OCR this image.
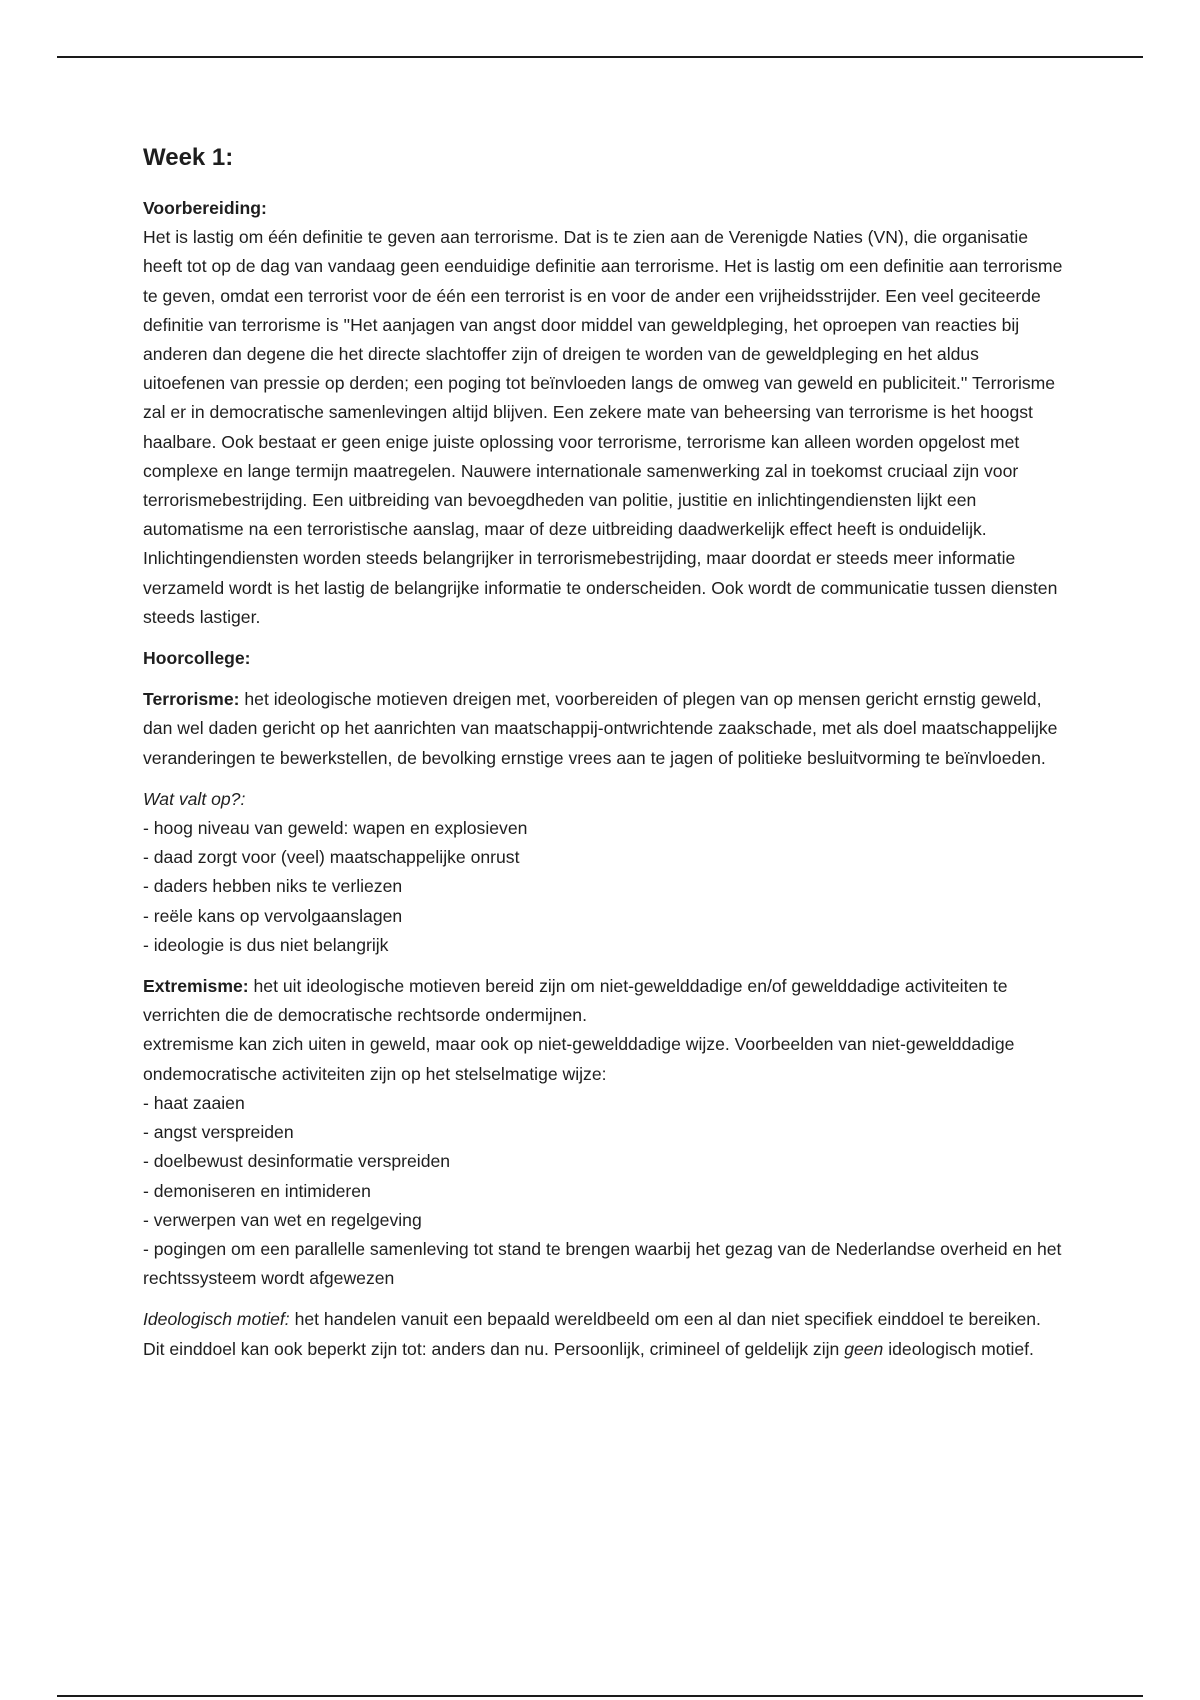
Week 1:

Voorbereiding:

Het is lastig om één definitie te geven aan terrorisme. Dat is te zien aan de Verenigde Naties (VN), die organisatie heeft tot op de dag van vandaag geen eenduidige definitie aan terrorisme. Het is lastig om een definitie aan terrorisme te geven, omdat een terrorist voor de één een terrorist is en voor de ander een vrijheidsstrijder. Een veel geciteerde definitie van terrorisme is ''Het aanjagen van angst door middel van geweldpleging, het oproepen van reacties bij anderen dan degene die het directe slachtoffer zijn of dreigen te worden van de geweldpleging en het aldus uitoefenen van pressie op derden; een poging tot beïnvloeden langs de omweg van geweld en publiciteit.'' Terrorisme zal er in democratische samenlevingen altijd blijven. Een zekere mate van beheersing van terrorisme is het hoogst haalbare. Ook bestaat er geen enige juiste oplossing voor terrorisme, terrorisme kan alleen worden opgelost met complexe en lange termijn maatregelen. Nauwere internationale samenwerking zal in toekomst cruciaal zijn voor terrorismebestrijding. Een uitbreiding van bevoegdheden van politie, justitie en inlichtingendiensten lijkt een automatisme na een terroristische aanslag, maar of deze uitbreiding daadwerkelijk effect heeft is onduidelijk. Inlichtingendiensten worden steeds belangrijker in terrorismebestrijding, maar doordat er steeds meer informatie verzameld wordt is het lastig de belangrijke informatie te onderscheiden. Ook wordt de communicatie tussen diensten steeds lastiger.

Hoorcollege:

Terrorisme: het ideologische motieven dreigen met, voorbereiden of plegen van op mensen gericht ernstig geweld, dan wel daden gericht op het aanrichten van maatschappij-ontwrichtende zaakschade, met als doel maatschappelijke veranderingen te bewerkstellen, de bevolking ernstige vrees aan te jagen of politieke besluitvorming te beïnvloeden.

Wat valt op?:

- hoog niveau van geweld: wapen en explosieven
- daad zorgt voor (veel) maatschappelijke onrust
- daders hebben niks te verliezen
- reële kans op vervolgaanslagen
- ideologie is dus niet belangrijk

Extremisme: het uit ideologische motieven bereid zijn om niet-gewelddadige en/of gewelddadige activiteiten te verrichten die de democratische rechtsorde ondermijnen.

extremisme kan zich uiten in geweld, maar ook op niet-gewelddadige wijze. Voorbeelden van niet-gewelddadige ondemocratische activiteiten zijn op het stelselmatige wijze:

- haat zaaien
- angst verspreiden
- doelbewust desinformatie verspreiden
- demoniseren en intimideren
- verwerpen van wet en regelgeving
- pogingen om een parallelle samenleving tot stand te brengen waarbij het gezag van de Nederlandse overheid en het rechtssysteem wordt afgewezen

Ideologisch motief: het handelen vanuit een bepaald wereldbeeld om een al dan niet specifiek einddoel te bereiken. Dit einddoel kan ook beperkt zijn tot: anders dan nu. Persoonlijk, crimineel of geldelijk zijn geen ideologisch motief.
